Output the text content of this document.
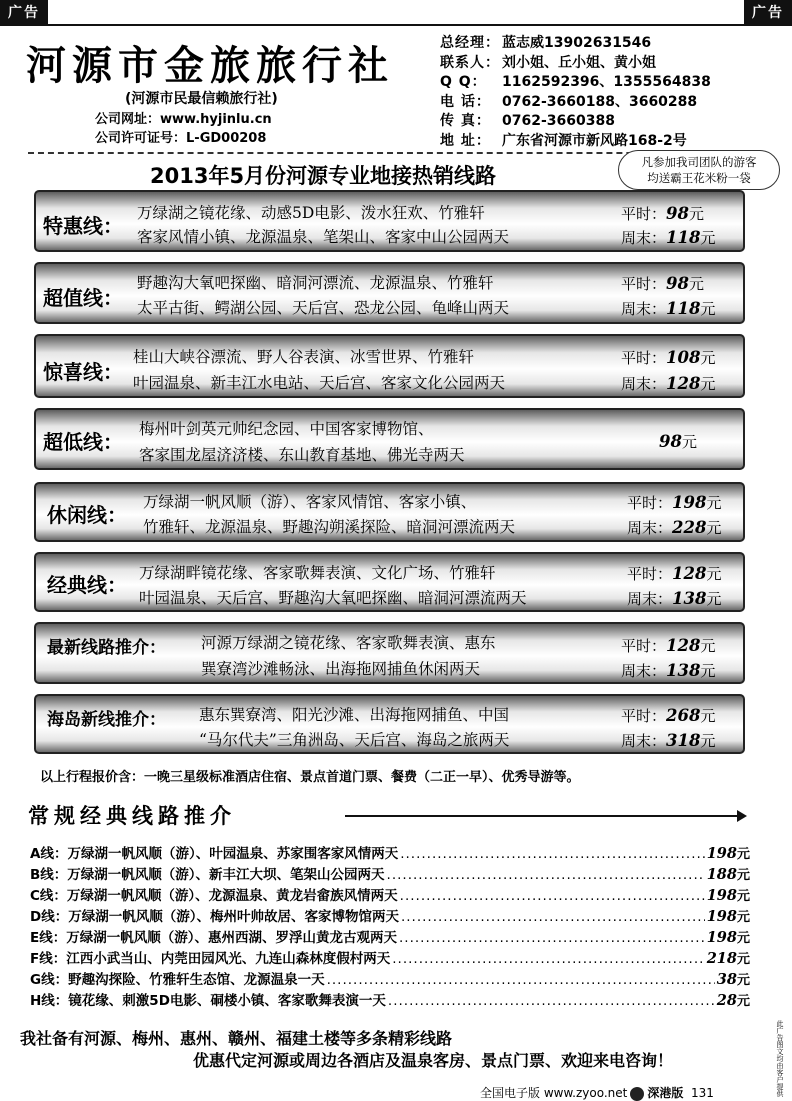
广告	广告
河源市金旅旅行社
(河源市民最信赖旅行社)
公司网址：www.hyjinlu.cn
公司许可证号：L-GD00208
总经理： 蓝志威13902631546
联系人： 刘小姐、丘小姐、黄小姐
Q Q：	1162592396、1355564838
电 话： 0762-3660188、3660288
传 真： 0762-3660388
地 址： 广东省河源市新风路168-2号
2013年5月份河源专业地接热销线路
凡参加我司团队的游客
均送霸王花米粉一袋
特惠线：
万绿湖之镜花缘、动感5D电影、泼水狂欢、竹雅轩
客家风情小镇、龙源温泉、笔架山、客家中山公园两天
平时：98元
周末：118元
超值线：
野趣沟大氧吧探幽、暗洞河漂流、龙源温泉、竹雅轩
太平古街、鳄湖公园、天后宫、恐龙公园、龟峰山两天
平时：98元
周末：118元
惊喜线：
桂山大峡谷漂流、野人谷表演、冰雪世界、竹雅轩
叶园温泉、新丰江水电站、天后宫、客家文化公园两天
平时：108元
周末：128元
超低线：
梅州叶剑英元帅纪念园、中国客家博物馆、
客家围龙屋济济楼、东山教育基地、佛光寺两天
98元
休闲线：
万绿湖一帆风顺（游）、客家风情馆、客家小镇、
竹雅轩、龙源温泉、野趣沟朔溪探险、暗洞河漂流两天
平时：198元
周末：228元
经典线： 万绿湖畔镜花缘、客家歌舞表演、文化广场、竹雅轩
叶园温泉、天后宫、野趣沟大氧吧探幽、暗洞河漂流两天
平时：128元
周末：138元
最新线路推介： 河源万绿湖之镜花缘、客家歌舞表演、惠东
巽寮湾沙滩畅泳、出海拖网捕鱼休闲两天
平时：128元
周末：138元
海岛新线推介： 惠东巽寮湾、阳光沙滩、出海拖网捕鱼、中国
“马尔代夫”三角洲岛、天后宫、海岛之旅两天
平时：268元
周末：318元
以上行程报价含：一晚三星级标准酒店住宿、景点首道门票、餐费（二正一早）、优秀导游等。
常规经典线路推介
A线：万绿湖一帆风顺（游）、叶园温泉、苏家围客家风情两天 .....	198 元
B线：万绿湖一帆风顺（游）、新丰江大坝、笔架山公园两天 .....	188 元
C线：万绿湖一帆风顺（游）、龙源温泉、黄龙岩畲族风情两天 .....	198 元
D线：万绿湖一帆风顺（游）、梅州叶帅故居、客家博物馆两天 .....	198 元
E线：万绿湖一帆风顺（游）、惠州西湖、罗浮山黄龙古观两天 .....	198 元
F线：江西小武当山、内莞田园风光、九连山森林度假村两天 .....	218 元
G线：野趣沟探险、竹雅轩生态馆、龙源温泉一天 .....	38 元
H线：镜花缘、刺激5D电影、硐楼小镇、客家歌舞表演一天 .....	28 元
我社备有河源、梅州、惠州、赣州、福建土楼等多条精彩线路
优惠代定河源或周边各酒店及温泉客房、景点门票、欢迎来电咨询！
全国电子版 www.zyoo.net 深港版 131	此广告图文均由客户提供
